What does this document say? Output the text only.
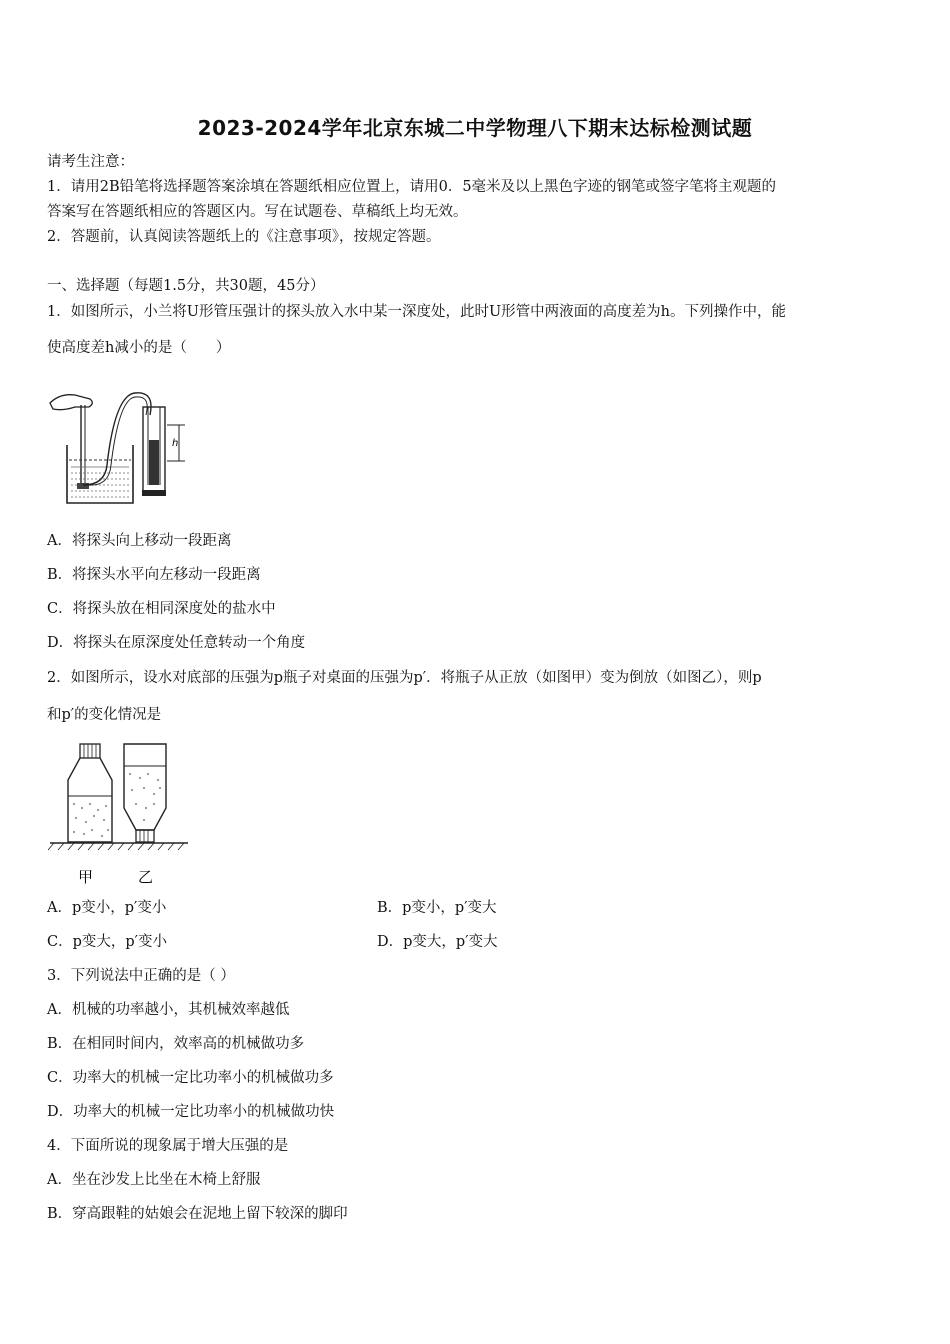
2023-2024学年北京东城二中学物理八下期末达标检测试题
请考生注意：
1．请用2B铅笔将选择题答案涂填在答题纸相应位置上，请用0．5毫米及以上黑色字迹的钢笔或签字笔将主观题的
答案写在答题纸相应的答题区内。写在试题卷、草稿纸上均无效。
2．答题前，认真阅读答题纸上的《注意事项》，按规定答题。
一、选择题（每题1.5分，共30题，45分）
1．如图所示，小兰将U形管压强计的探头放入水中某一深度处，此时U形管中两液面的高度差为h。下列操作中，能
使高度差h减小的是（　　）
h
A．将探头向上移动一段距离
B．将探头水平向左移动一段距离
C．将探头放在相同深度处的盐水中
D．将探头在原深度处任意转动一个角度
2．如图所示，设水对底部的压强为p瓶子对桌面的压强为p′．将瓶子从正放（如图甲）变为倒放（如图乙），则p
和p′的变化情况是
甲	乙
A．p变小，p′变小	B．p变小，p′变大
C．p变大，p′变小	D．p变大，p′变大
3．下列说法中正确的是（ ）
A．机械的功率越小，其机械效率越低
B．在相同时间内，效率高的机械做功多
C．功率大的机械一定比功率小的机械做功多
D．功率大的机械一定比功率小的机械做功快
4．下面所说的现象属于增大压强的是
A．坐在沙发上比坐在木椅上舒服
B．穿高跟鞋的姑娘会在泥地上留下较深的脚印
